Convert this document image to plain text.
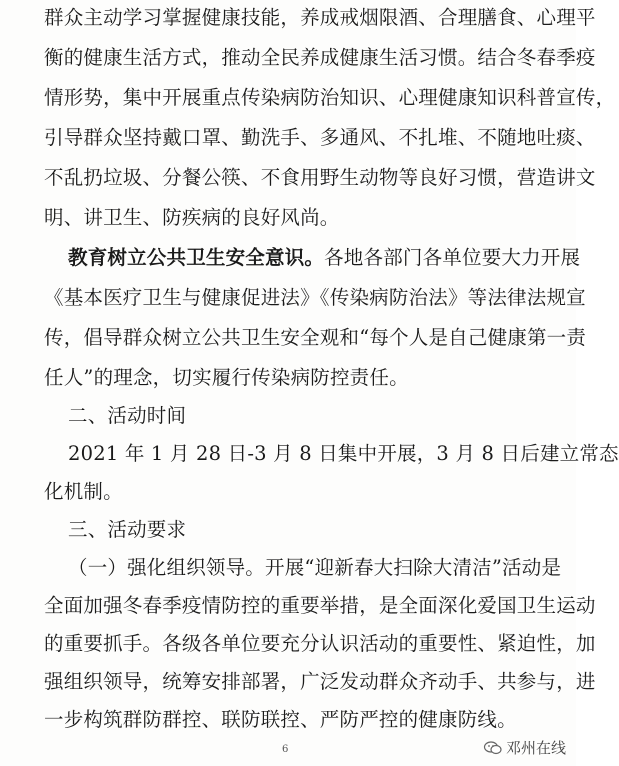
群众主动学习掌握健康技能，养成戒烟限酒、合理膳食、心理平
衡的健康生活方式，推动全民养成健康生活习惯。结合冬春季疫
情形势，集中开展重点传染病防治知识、心理健康知识科普宣传，
引导群众坚持戴口罩、勤洗手、多通风、不扎堆、不随地吐痰、
不乱扔垃圾、分餐公筷、不食用野生动物等良好习惯，营造讲文
明、讲卫生、防疾病的良好风尚。
教育树立公共卫生安全意识。各地各部门各单位要大力开展
《基本医疗卫生与健康促进法》《传染病防治法》等法律法规宣
传，倡导群众树立公共卫生安全观和“每个人是自己健康第一责
任人”的理念，切实履行传染病防控责任。
二、活动时间
2021 年 1 月 28 日-3 月 8 日集中开展，3 月 8 日后建立常态
化机制。
三、活动要求
（一）强化组织领导。开展“迎新春大扫除大清洁”活动是
全面加强冬春季疫情防控的重要举措，是全面深化爱国卫生运动
的重要抓手。各级各单位要充分认识活动的重要性、紧迫性，加
强组织领导，统筹安排部署，广泛发动群众齐动手、共参与，进
一步构筑群防群控、联防联控、严防严控的健康防线。
6	邓州在线
